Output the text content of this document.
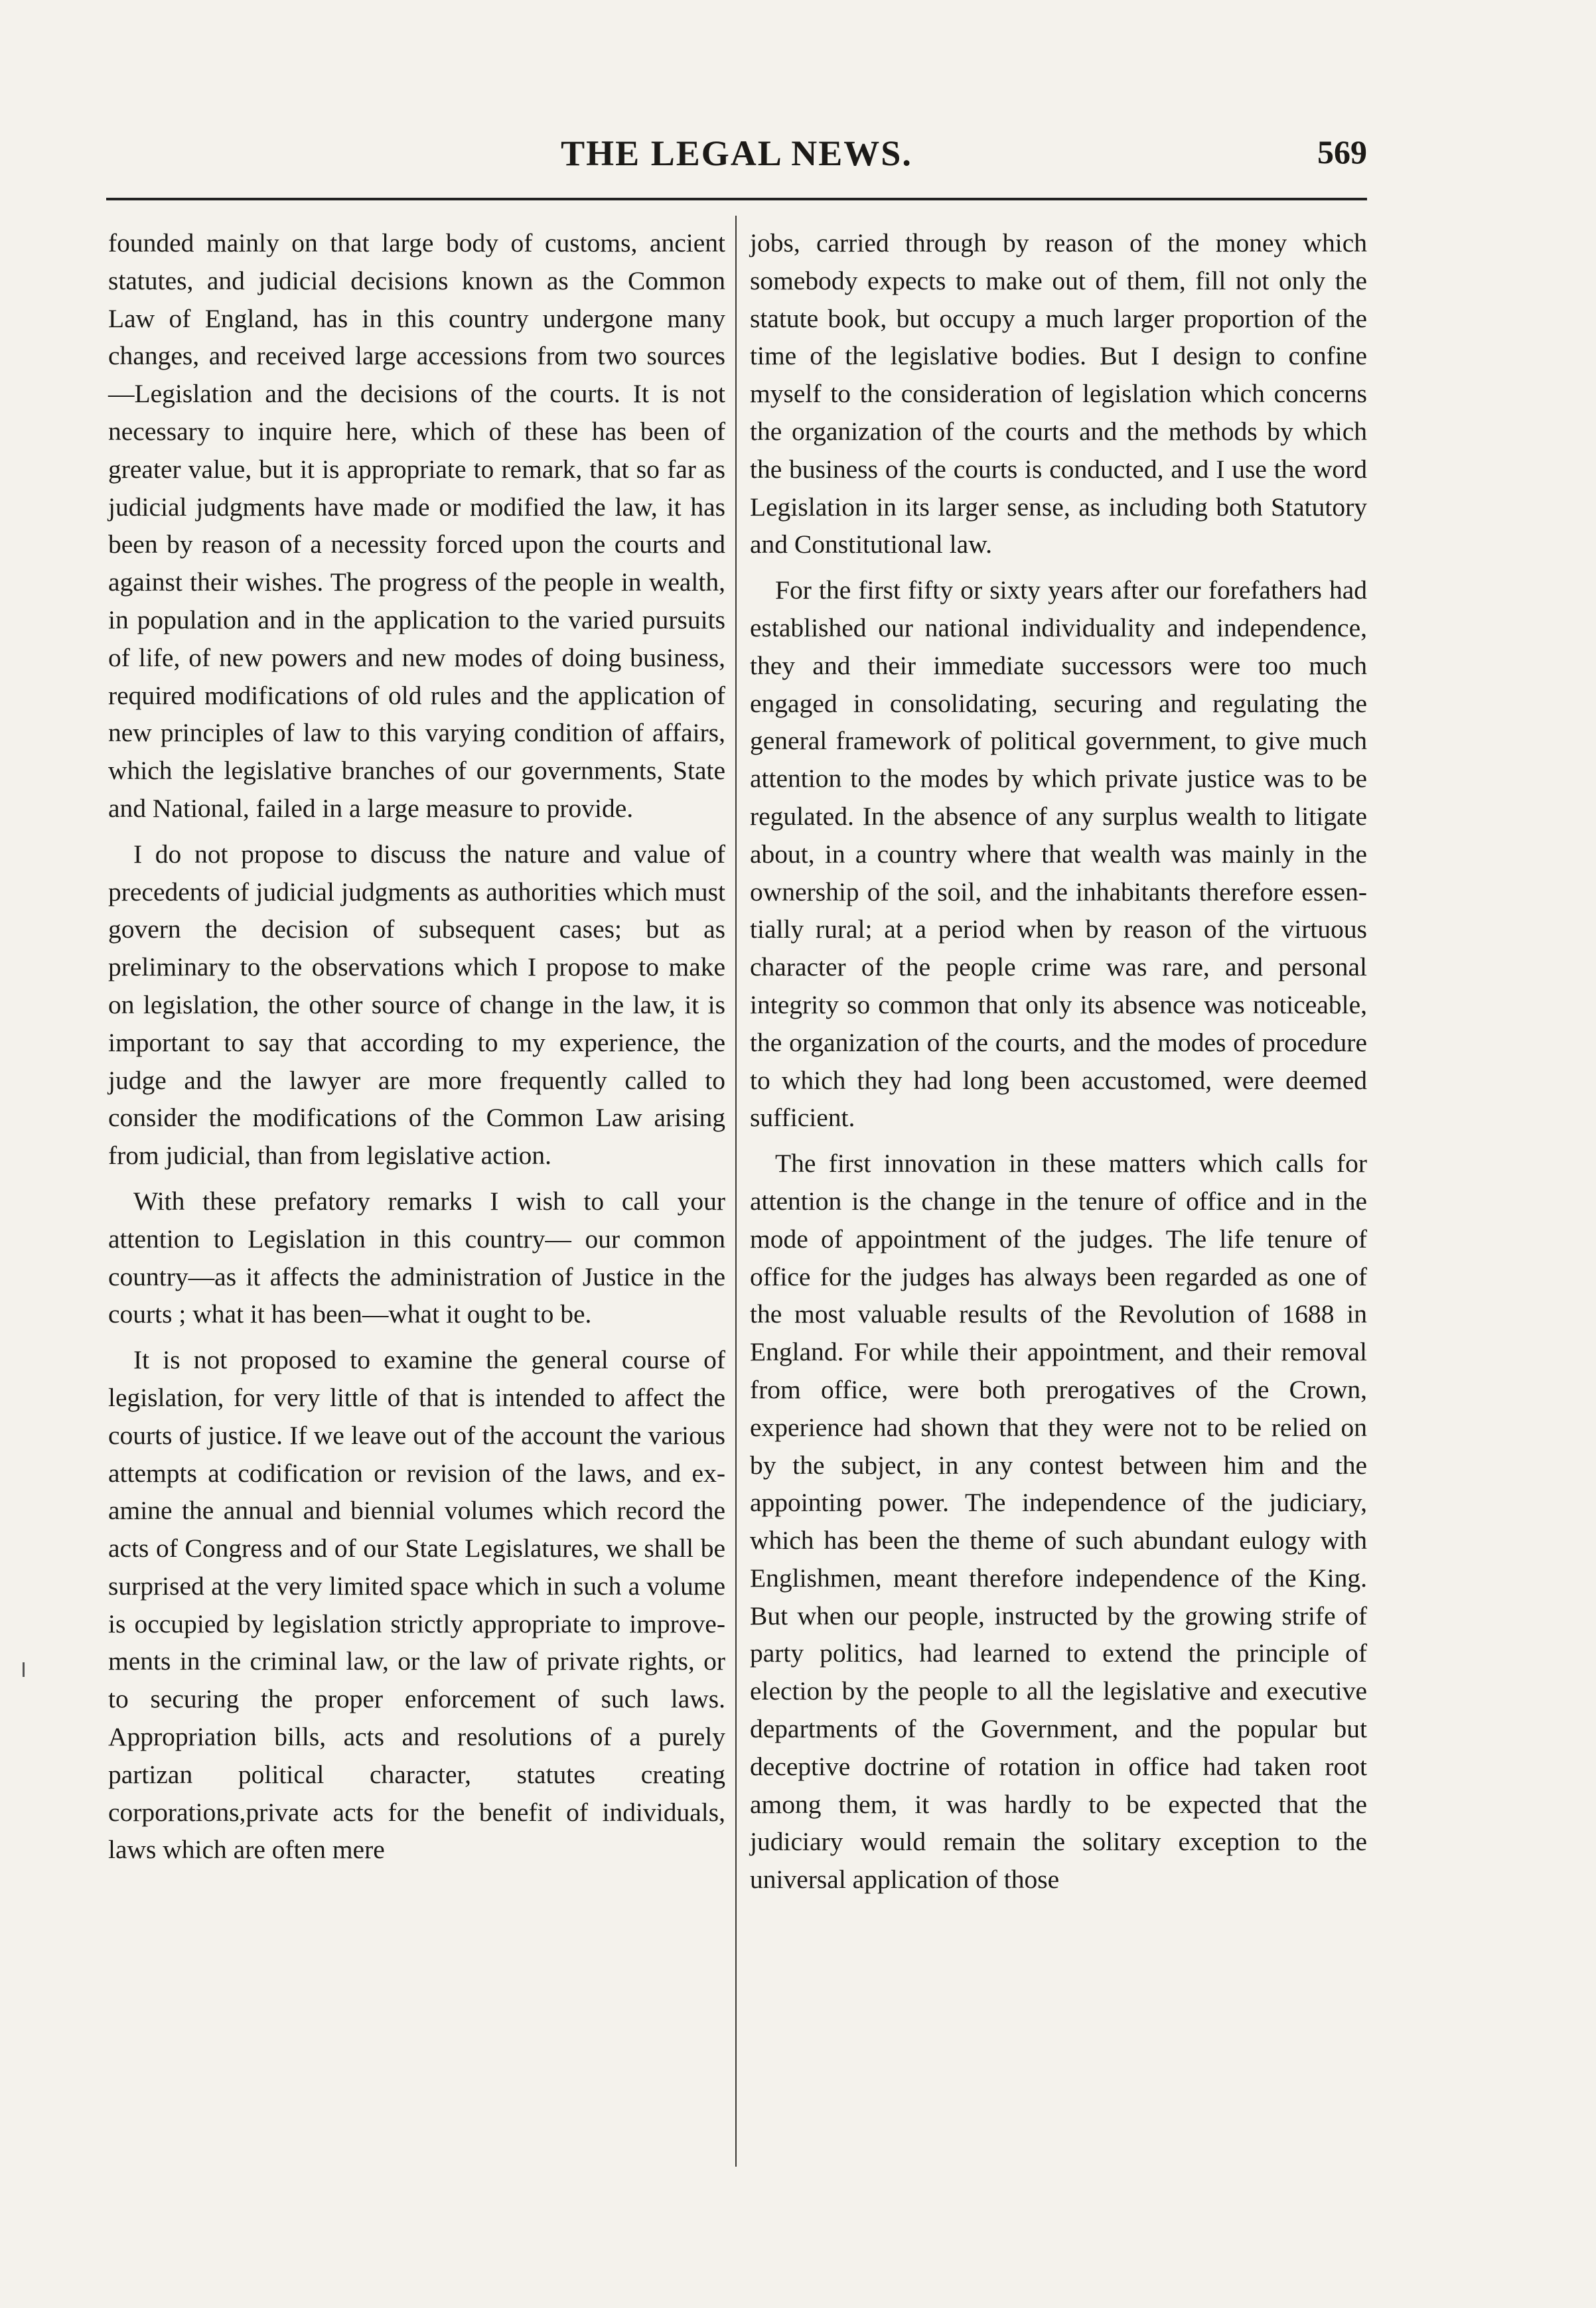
THE LEGAL NEWS.	569

founded mainly on that large body of customs, ancient statutes, and judicial decisions known as the Common Law of England, has in this country undergone many changes, and received large accessions from two sources—Legislation and the decisions of the courts. It is not necessary to inquire here, which of these has been of greater value, but it is appropriate to remark, that so far as judicial judgments have made or modified the law, it has been by reason of a necessity forced upon the courts and against their wishes. The progress of the people in wealth, in population and in the application to the varied pursuits of life, of new powers and new modes of doing business, required modifications of old rules and the application of new principles of law to this varying condition of affairs, which the legislative branches of our governments, State and National, failed in a large measure to provide.

I do not propose to discuss the nature and value of precedents of judicial judgments as authorities which must govern the decision of subsequent cases; but as preliminary to the observations which I propose to make on legislation, the other source of change in the law, it is important to say that according to my experience, the judge and the lawyer are more frequently called to consider the modifications of the Common Law arising from judicial, than from legislative action.

With these prefatory remarks I wish to call your attention to Legislation in this country— our common country—as it affects the administration of Justice in the courts ; what it has been—what it ought to be.

It is not proposed to examine the general course of legislation, for very little of that is intended to affect the courts of justice. If we leave out of the account the various attempts at codification or revision of the laws, and examine the annual and biennial volumes which record the acts of Congress and of our State Legislatures, we shall be surprised at the very limited space which in such a volume is occupied by legislation strictly appropriate to improvements in the criminal law, or the law of private rights, or to securing the proper enforcement of such laws. Appropriation bills, acts and resolutions of a purely partizan political character, statutes creating corporations,private acts for the benefit of individuals, laws which are often mere

jobs, carried through by reason of the money which somebody expects to make out of them, fill not only the statute book, but occupy a much larger proportion of the time of the legislative bodies. But I design to confine myself to the consideration of legislation which concerns the organization of the courts and the methods by which the business of the courts is conducted, and I use the word Legislation in its larger sense, as including both Statutory and Constitutional law.

For the first fifty or sixty years after our forefathers had established our national individuality and independence, they and their immediate successors were too much engaged in consolidating, securing and regulating the general framework of political government, to give much attention to the modes by which private justice was to be regulated. In the absence of any surplus wealth to litigate about, in a country where that wealth was mainly in the ownership of the soil, and the inhabitants therefore essentially rural; at a period when by reason of the virtuous character of the people crime was rare, and personal integrity so common that only its absence was noticeable, the organization of the courts, and the modes of procedure to which they had long been accustomed, were deemed sufficient.

The first innovation in these matters which calls for attention is the change in the tenure of office and in the mode of appointment of the judges. The life tenure of office for the judges has always been regarded as one of the most valuable results of the Revolution of 1688 in England. For while their appointment, and their removal from office, were both prerogatives of the Crown, experience had shown that they were not to be relied on by the subject, in any contest between him and the appointing power. The independence of the judiciary, which has been the theme of such abundant eulogy with Englishmen, meant therefore independence of the King. But when our people, instructed by the growing strife of party politics, had learned to extend the principle of election by the people to all the legislative and executive departments of the Government, and the popular but deceptive doctrine of rotation in office had taken root among them, it was hardly to be expected that the judiciary would remain the solitary exception to the universal application of those
